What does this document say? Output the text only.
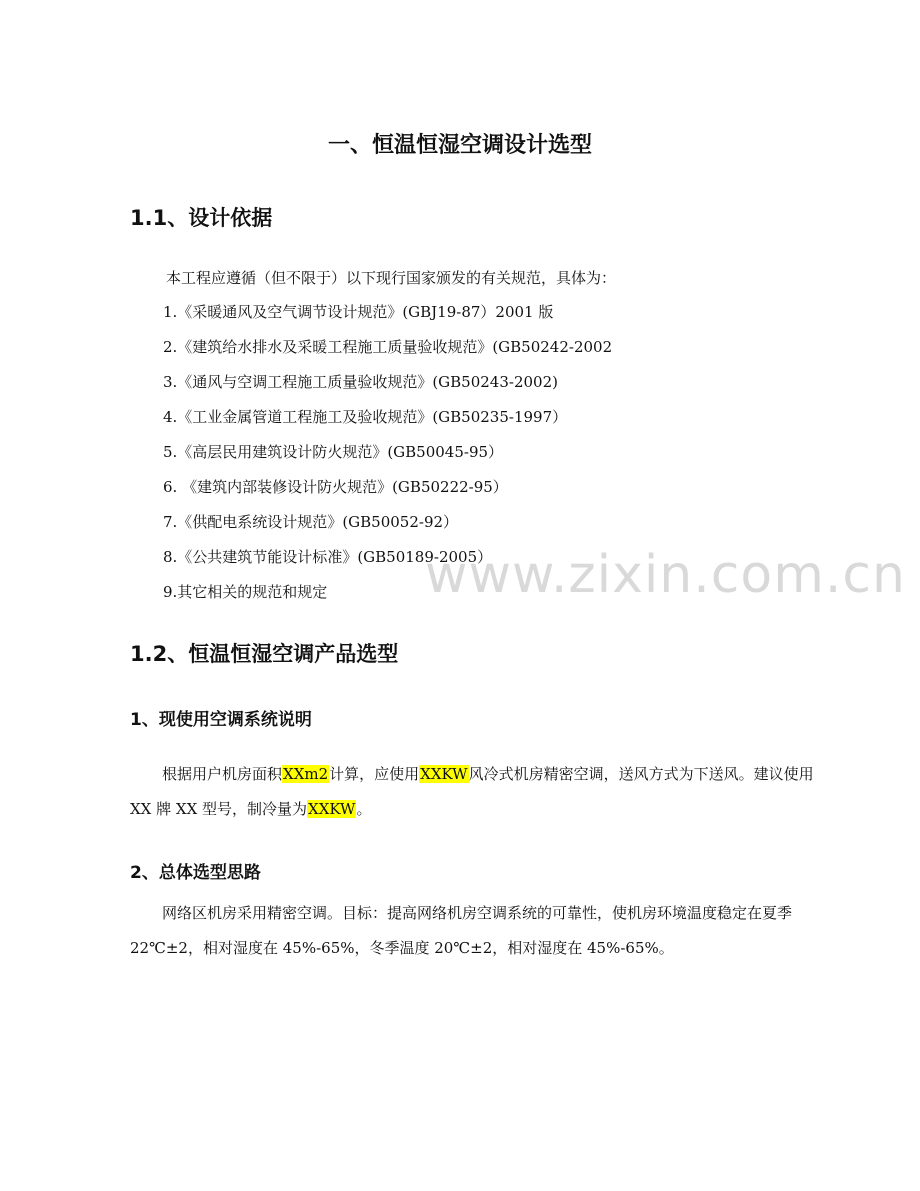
www.zixin.com.cn
一、恒温恒湿空调设计选型
1.1、设计依据
本工程应遵循（但不限于）以下现行国家颁发的有关规范，具体为：
1.《采暖通风及空气调节设计规范》(GBJ19-87）2001 版
2.《建筑给水排水及采暖工程施工质量验收规范》(GB50242-2002
3.《通风与空调工程施工质量验收规范》(GB50243-2002)
4.《工业金属管道工程施工及验收规范》(GB50235-1997）
5.《高层民用建筑设计防火规范》(GB50045-95）
6. 《建筑内部装修设计防火规范》(GB50222-95）
7.《供配电系统设计规范》(GB50052-92）
8.《公共建筑节能设计标准》(GB50189-2005）
9.其它相关的规范和规定
1.2、恒温恒湿空调产品选型
1、现使用空调系统说明
根据用户机房面积XXm2计算，应使用XXKW风冷式机房精密空调，送风方式为下送风。建议使用 XX 牌 XX 型号，制冷量为XXKW。
2、总体选型思路
网络区机房采用精密空调。目标：提高网络机房空调系统的可靠性，使机房环境温度稳定在夏季 22℃±2，相对湿度在 45%-65%，冬季温度 20℃±2，相对湿度在 45%-65%。
